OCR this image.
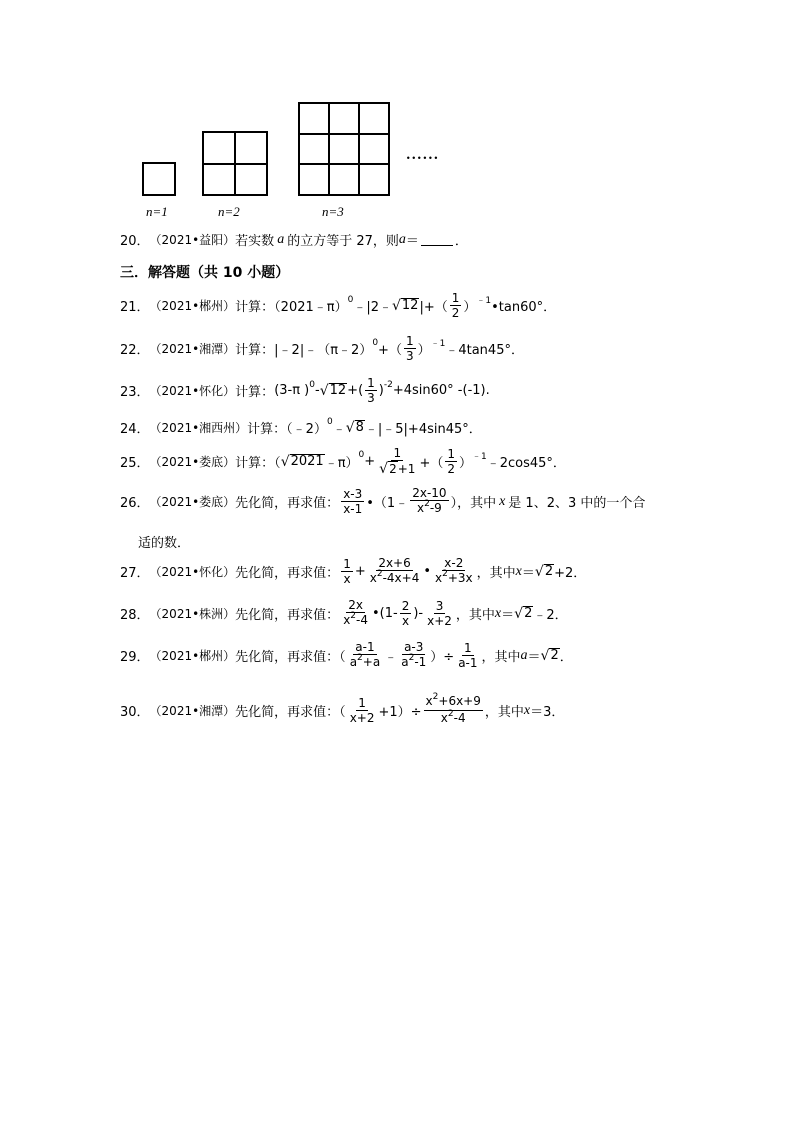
......
n=1	n=2	n=3
20． （2021•益阳） 若实数 a 的立方等于 27，则 a ＝	．
三．解答题（共 10 小题）
21． （2021•郴州） 计算：（2021﹣π）
$^0$
﹣|2﹣ √ 12 |+（ $\frac{1}{2} )^{﹣1}$ •tan60°．
22． （2021•湘潭） 计算：|﹣2|﹣（π﹣2）
$^0$
+（ $\frac{1}{3} )^{﹣1}$ ﹣4tan45°．
23． （2021•怀化） 计算： (3-π )$^0$ - √ 12 +( $\frac{1}{3} )^{-2} +4\sin 60^\circ$ -(-1).
24． （2021•湘西州） 计算：（﹣2）
$^0$
﹣ √ 8 ﹣|﹣5|+4sin45°．
25． （2021•娄底） 计算：（ √ 2021 ﹣π）
$^0 + \frac{1}{√ 2 +1}$ +（ $\frac{1}{2} )^{﹣1}$ ﹣2cos45°．
26． （2021•娄底） 先化简，再求值： $\frac{x-3}{x-1}$ •（1﹣ $\frac{2x-10}{x^2-9}$ ），其中 x 是 1、2、3 中的一个合
适的数．
27． （2021•怀化） 先化简，再求值： $\frac{1}{x} + \frac{2x+6}{x^2-4x+4}$ • $\frac{x-2}{x^2+3x}$ ，其中 x ＝ √ 2 +2．
28． （2021•株洲） 先化简，再求值： $\frac{2x}{x^2-4}$ •(1- $\frac{2}{x}$ )- $\frac{3}{x+2}$ ，其中 x ＝ √ 2 ﹣2．
29． （2021•郴州） 先化简，再求值：（ $\frac{a-1}{a^2+a}$ ﹣ $\frac{a-3}{a^2-1}$ ）÷ $\frac{1}{a-1}$ ，其中 a ＝ √ 2 ．
30． （2021•湘潭） 先化简，再求值：（ $\frac{1}{x+2} +1)\div \frac{x^2+6x+9}{x^2-4}$ ，其中 x ＝3．
